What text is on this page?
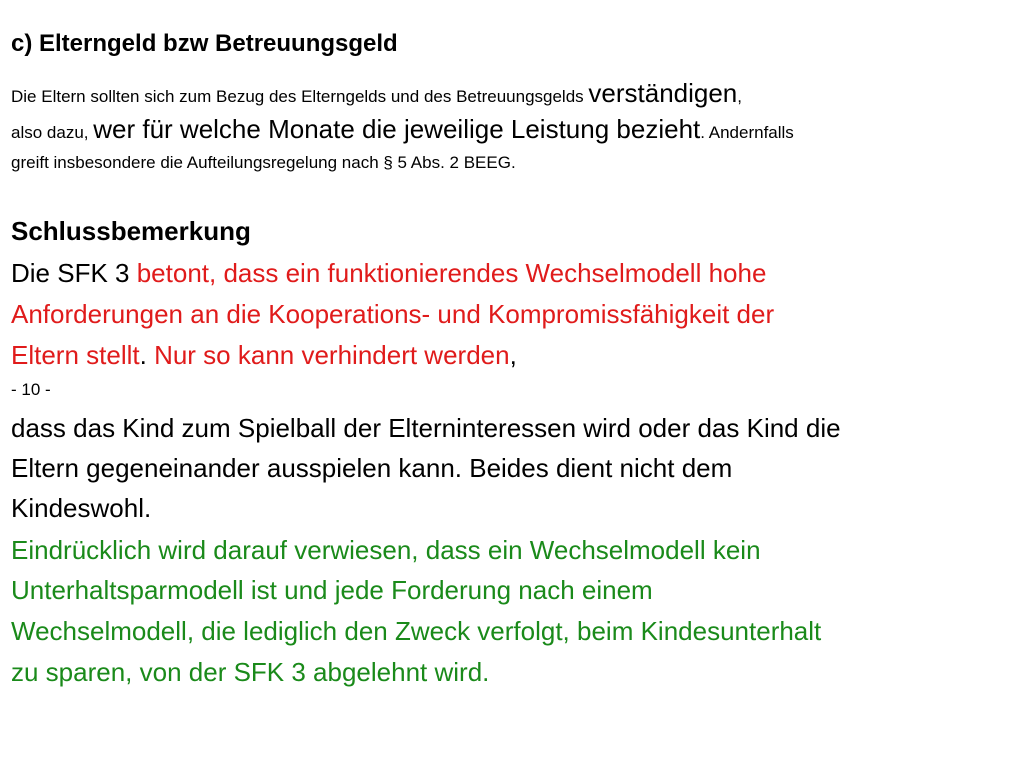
c) Elterngeld bzw Betreuungsgeld
Die Eltern sollten sich zum Bezug des Elterngelds und des Betreuungsgelds verständigen,
also dazu, wer für welche Monate die jeweilige Leistung bezieht. Andernfalls
greift insbesondere die Aufteilungsregelung nach § 5 Abs. 2 BEEG.
Schlussbemerkung
Die SFK 3 betont, dass ein funktionierendes Wechselmodell hohe
Anforderungen an die Kooperations- und Kompromissfähigkeit der
Eltern stellt. Nur so kann verhindert werden,
- 10 -
dass das Kind zum Spielball der Elterninteressen wird oder das Kind die
Eltern gegeneinander ausspielen kann. Beides dient nicht dem
Kindeswohl.
Eindrücklich wird darauf verwiesen, dass ein Wechselmodell kein
Unterhaltsparmodell ist und jede Forderung nach einem
Wechselmodell, die lediglich den Zweck verfolgt, beim Kindesunterhalt
zu sparen, von der SFK 3 abgelehnt wird.
